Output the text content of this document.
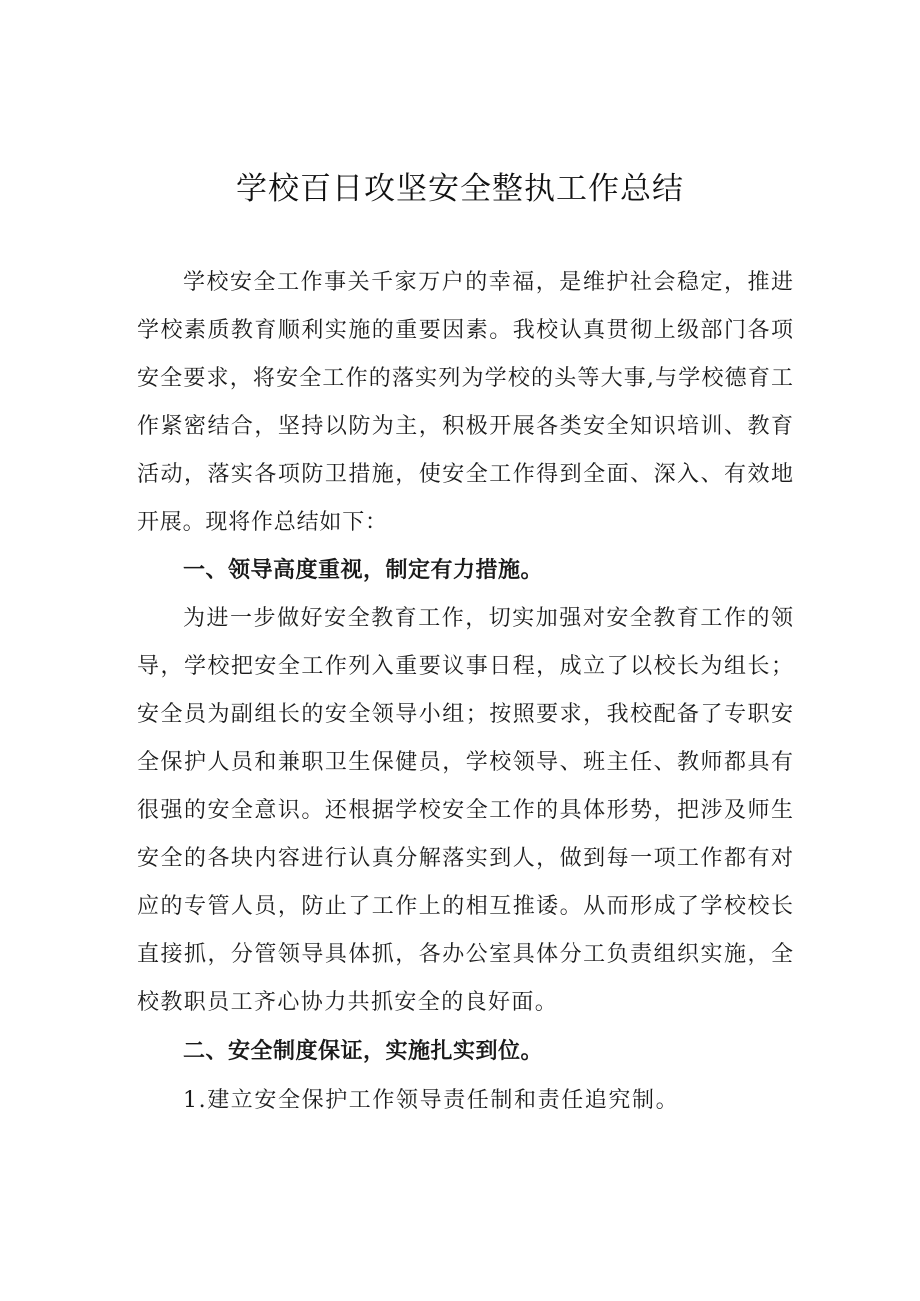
学校百日攻坚安全整执工作总结
学校安全工作事关千家万户的幸福，是维护社会稳定，推进
学校素质教育顺利实施的重要因素。我校认真贯彻上级部门各项
安全要求，将安全工作的落实列为学校的头等大事,与学校德育工
作紧密结合，坚持以防为主，积极开展各类安全知识培训、教育
活动，落实各项防卫措施，使安全工作得到全面、深入、有效地
开展。现将作总结如下：
一、领导高度重视，制定有力措施。
为进一步做好安全教育工作，切实加强对安全教育工作的领
导，学校把安全工作列入重要议事日程，成立了以校长为组长；
安全员为副组长的安全领导小组；按照要求，我校配备了专职安
全保护人员和兼职卫生保健员，学校领导、班主任、教师都具有
很强的安全意识。还根据学校安全工作的具体形势，把涉及师生
安全的各块内容进行认真分解落实到人，做到每一项工作都有对
应的专管人员，防止了工作上的相互推诿。从而形成了学校校长
直接抓，分管领导具体抓，各办公室具体分工负责组织实施，全
校教职员工齐心协力共抓安全的良好面。
二、安全制度保证，实施扎实到位。
1.建立安全保护工作领导责任制和责任追究制。
